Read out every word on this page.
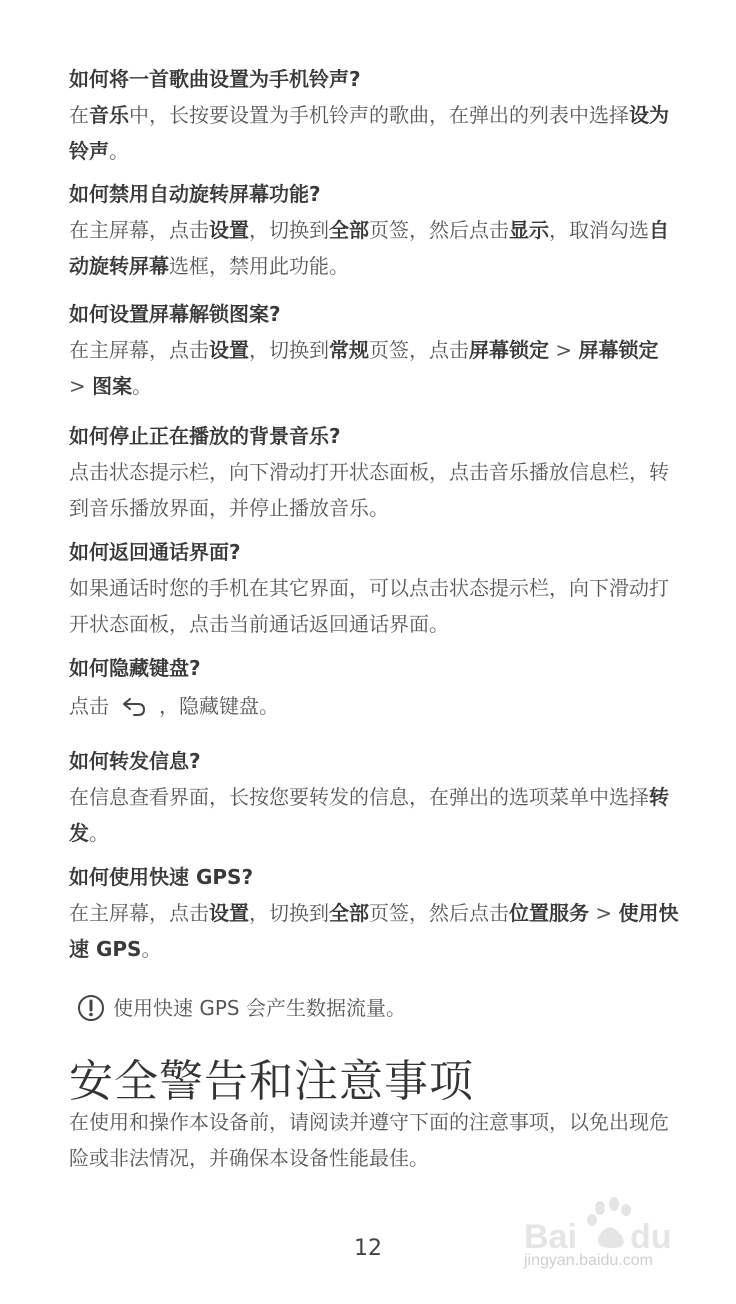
如何将一首歌曲设置为手机铃声?
在音乐中，长按要设置为手机铃声的歌曲，在弹出的列表中选择设为铃声。
如何禁用自动旋转屏幕功能?
在主屏幕，点击设置，切换到全部页签，然后点击显示，取消勾选自动旋转屏幕选框，禁用此功能。
如何设置屏幕解锁图案?
在主屏幕，点击设置，切换到常规页签，点击屏幕锁定 > 屏幕锁定 > 图案。
如何停止正在播放的背景音乐?
点击状态提示栏，向下滑动打开状态面板，点击音乐播放信息栏，转到音乐播放界面，并停止播放音乐。
如何返回通话界面?
如果通话时您的手机在其它界面，可以点击状态提示栏，向下滑动打开状态面板，点击当前通话返回通话界面。
如何隐藏键盘?
点击	，隐藏键盘。
如何转发信息?
在信息查看界面，长按您要转发的信息，在弹出的选项菜单中选择转发。
如何使用快速 GPS?
在主屏幕，点击设置，切换到全部页签，然后点击位置服务 > 使用快速 GPS。
使用快速 GPS 会产生数据流量。
安全警告和注意事项
在使用和操作本设备前，请阅读并遵守下面的注意事项，以免出现危险或非法情况，并确保本设备性能最佳。
12	Bai du
jingyan.baidu.com
